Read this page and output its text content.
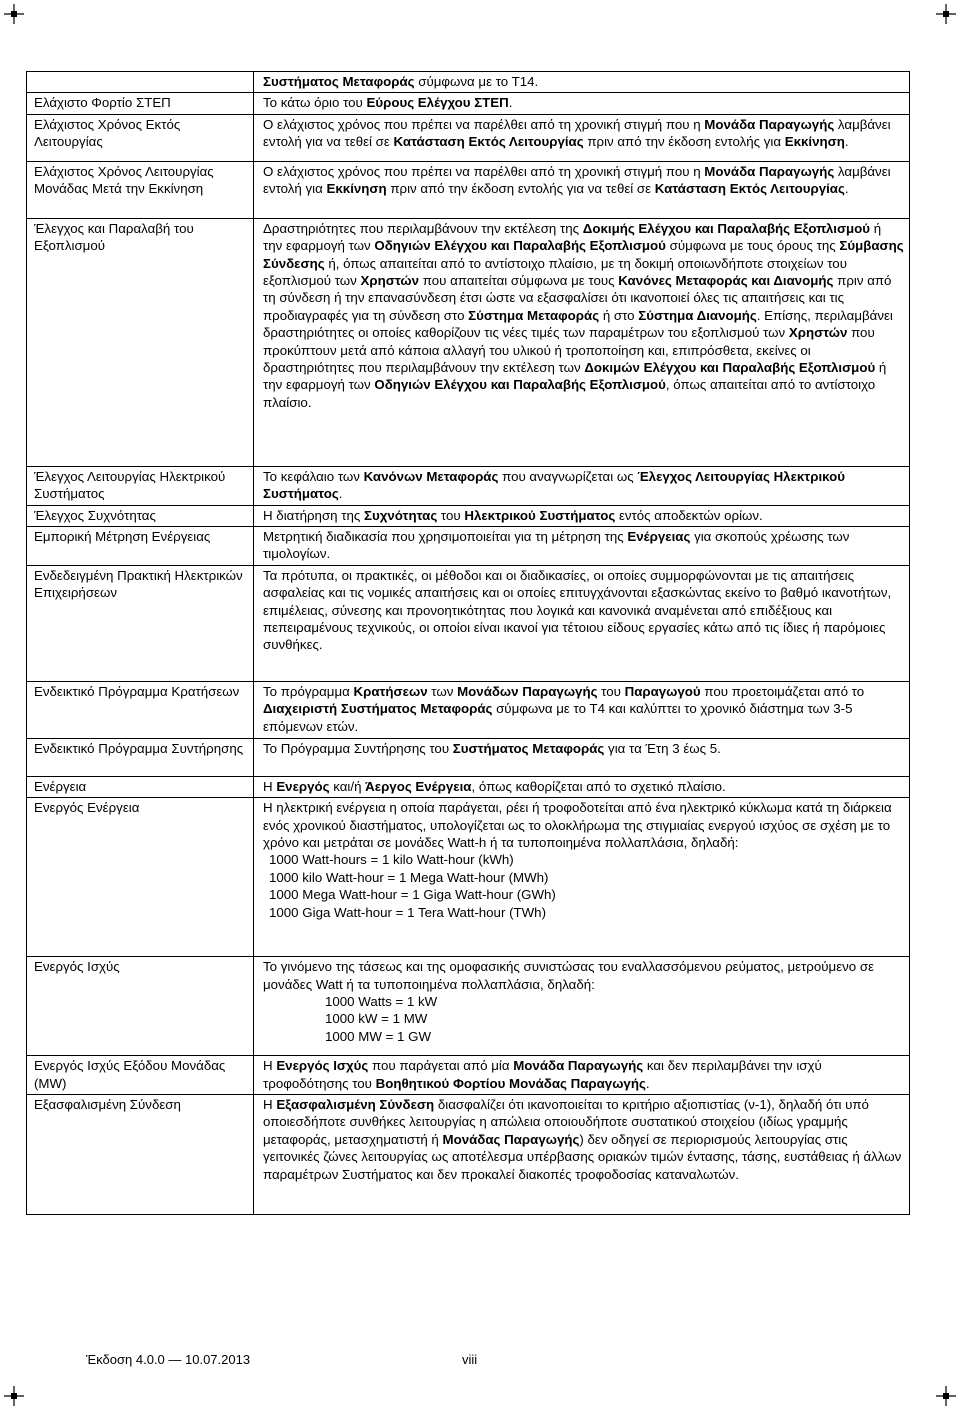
	Συστήματος Μεταφοράς σύμφωνα με το Τ14.

Ελάχιστο Φορτίο ΣΤΕΠ	Το κάτω όριο του Εύρους Ελέγχου ΣΤΕΠ.

Ελάχιστος Χρόνος Εκτός Λειτουργίας	Ο ελάχιστος χρόνος που πρέπει να παρέλθει από τη χρονική στιγμή που η Μονάδα Παραγωγής λαμβάνει εντολή για να τεθεί σε Κατάσταση Εκτός Λειτουργίας πριν από την έκδοση εντολής για Εκκίνηση.

Ελάχιστος Χρόνος Λειτουργίας Μονάδας Μετά την Εκκίνηση	Ο ελάχιστος χρόνος που πρέπει να παρέλθει από τη χρονική στιγμή που η Μονάδα Παραγωγής λαμβάνει εντολή για Εκκίνηση πριν από την έκδοση εντολής για να τεθεί σε Κατάσταση Εκτός Λειτουργίας.

Έλεγχος και Παραλαβή του Εξοπλισμού	Δραστηριότητες που περιλαμβάνουν την εκτέλεση της Δοκιμής Ελέγχου και Παραλαβής Εξοπλισμού ή την εφαρμογή των Οδηγιών Ελέγχου και Παραλαβής Εξοπλισμού σύμφωνα με τους όρους της Σύμβασης Σύνδεσης ή, όπως απαιτείται από το αντίστοιχο πλαίσιο, με τη δοκιμή οποιωνδήποτε στοιχείων του εξοπλισμού των Χρηστών που απαιτείται σύμφωνα με τους Κανόνες Μεταφοράς και Διανομής πριν από τη σύνδεση ή την επανασύνδεση έτσι ώστε να εξασφαλίσει ότι ικανοποιεί όλες τις απαιτήσεις και τις προδιαγραφές για τη σύνδεση στο Σύστημα Μεταφοράς ή στο Σύστημα Διανομής. Επίσης, περιλαμβάνει δραστηριότητες οι οποίες καθορίζουν τις νέες τιμές των παραμέτρων του εξοπλισμού των Χρηστών που προκύπτουν μετά από κάποια αλλαγή του υλικού ή τροποποίηση και, επιπρόσθετα, εκείνες οι δραστηριότητες που περιλαμβάνουν την εκτέλεση των Δοκιμών Ελέγχου και Παραλαβής Εξοπλισμού ή την εφαρμογή των Οδηγιών Ελέγχου και Παραλαβής Εξοπλισμού, όπως απαιτείται από το αντίστοιχο πλαίσιο.

Έλεγχος Λειτουργίας Ηλεκτρικού Συστήματος	Το κεφάλαιο των Κανόνων Μεταφοράς που αναγνωρίζεται ως Έλεγχος Λειτουργίας Ηλεκτρικού Συστήματος.

Έλεγχος Συχνότητας	Η διατήρηση της Συχνότητας του Ηλεκτρικού Συστήματος εντός αποδεκτών ορίων.

Εμπορική Μέτρηση Ενέργειας	Μετρητική διαδικασία που χρησιμοποιείται για τη μέτρηση της Ενέργειας για σκοπούς χρέωσης των τιμολογίων.

Ενδεδειγμένη Πρακτική Ηλεκτρικών Επιχειρήσεων	Τα πρότυπα, οι πρακτικές, οι μέθοδοι και οι διαδικασίες, οι οποίες συμμορφώνονται με τις απαιτήσεις ασφαλείας και τις νομικές απαιτήσεις και οι οποίες επιτυγχάνονται εξασκώντας εκείνο το βαθμό ικανοτήτων, επιμέλειας, σύνεσης και προνοητικότητας που λογικά και κανονικά αναμένεται από επιδέξιους και πεπειραμένους τεχνικούς, οι οποίοι είναι ικανοί για τέτοιου είδους εργασίες κάτω από τις ίδιες ή παρόμοιες συνθήκες.

Ενδεικτικό Πρόγραμμα Κρατήσεων	Το πρόγραμμα Κρατήσεων των Μονάδων Παραγωγής του Παραγωγού που προετοιμάζεται από το Διαχειριστή Συστήματος Μεταφοράς σύμφωνα με το Τ4 και καλύπτει το χρονικό διάστημα των 3-5 επόμενων ετών.

Ενδεικτικό Πρόγραμμα Συντήρησης	Το Πρόγραμμα Συντήρησης του Συστήματος Μεταφοράς για τα Έτη 3 έως 5.

Ενέργεια	Η Ενεργός και/ή Άεργος Ενέργεια, όπως καθορίζεται από το σχετικό πλαίσιο.

Ενεργός Ενέργεια	Η ηλεκτρική ενέργεια η οποία παράγεται, ρέει ή τροφοδοτείται από ένα ηλεκτρικό κύκλωμα κατά τη διάρκεια ενός χρονικού διαστήματος, υπολογίζεται ως το ολοκλήρωμα της στιγμιαίας ενεργού ισχύος σε σχέση με το χρόνο και μετράται σε μονάδες Watt-h ή τα τυποποιημένα πολλαπλάσια, δηλαδή:
1000 Watt-hours = 1 kilo Watt-hour (kWh)
1000 kilo Watt-hour = 1 Mega Watt-hour (MWh)
1000 Mega Watt-hour = 1 Giga Watt-hour (GWh)
1000 Giga Watt-hour = 1 Tera Watt-hour (TWh)

Ενεργός Ισχύς	Το γινόμενο της τάσεως και της ομοφασικής συνιστώσας του εναλλασσόμενου ρεύματος, μετρούμενο σε μονάδες Watt ή τα τυποποιημένα πολλαπλάσια, δηλαδή:
1000 Watts = 1 kW
1000 kW = 1 MW
1000 MW = 1 GW

Ενεργός Ισχύς Εξόδου Μονάδας (MW)	Η Ενεργός Ισχύς που παράγεται από μία Μονάδα Παραγωγής και δεν περιλαμβάνει την ισχύ τροφοδότησης του Βοηθητικού Φορτίου Μονάδας Παραγωγής.

Εξασφαλισμένη Σύνδεση	Η Εξασφαλισμένη Σύνδεση διασφαλίζει ότι ικανοποιείται το κριτήριο αξιοπιστίας (ν-1), δηλαδή ότι υπό οποιεσδήποτε συνθήκες λειτουργίας η απώλεια οποιουδήποτε συστατικού στοιχείου (ιδίως γραμμής μεταφοράς, μετασχηματιστή ή Μονάδας Παραγωγής) δεν οδηγεί σε περιορισμούς λειτουργίας στις γειτονικές ζώνες λειτουργίας ως αποτέλεσμα υπέρβασης οριακών τιμών έντασης, τάσης, ευστάθειας ή άλλων παραμέτρων Συστήματος και δεν προκαλεί διακοπές τροφοδοσίας καταναλωτών.
Έκδοση 4.0.0 — 10.07.2013	viii
